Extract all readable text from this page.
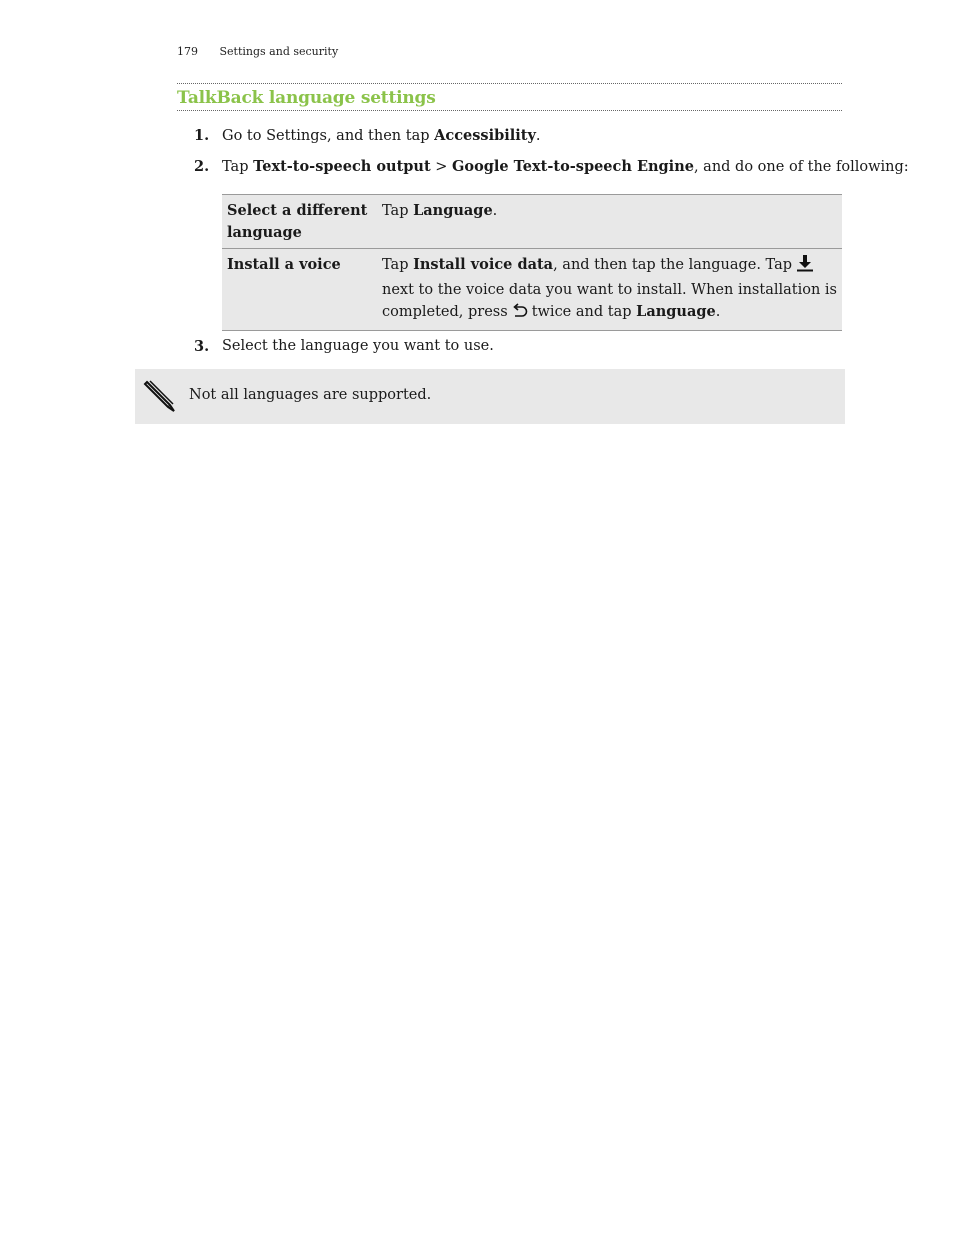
179 Settings and security
TalkBack language settings
1. Go to Settings, and then tap Accessibility.
2. Tap Text-to-speech output > Google Text-to-speech Engine, and do one of the following:
3. Select the language you want to use.
Select a different language	Tap Language.
Install a voice	Tap Install voice data, and then tap the language. Tapnext to the voice data you want to install. When installation is completed, press twice and tap Language.
Not all languages are supported.
